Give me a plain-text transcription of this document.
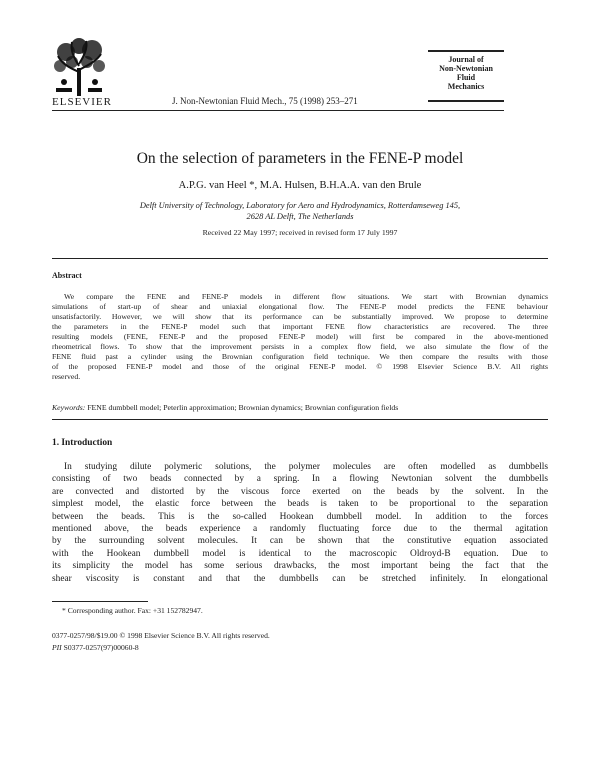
ELSEVIER	J. Non-Newtonian Fluid Mech., 75 (1998) 253–271
Journal of
Non-Newtonian
Fluid
Mechanics
On the selection of parameters in the FENE-P model
A.P.G. van Heel *, M.A. Hulsen, B.H.A.A. van den Brule
Delft University of Technology, Laboratory for Aero and Hydrodynamics, Rotterdamseweg 145,
2628 AL Delft, The Netherlands
Received 22 May 1997; received in revised form 17 July 1997
Abstract
We compare the FENE and FENE-P models in different flow situations. We start with Brownian dynamics
simulations of start-up of shear and uniaxial elongational flow. The FENE-P model predicts the FENE behaviour
unsatisfactorily. However, we will show that its performance can be substantially improved. We propose to determine
the parameters in the FENE-P model such that important FENE flow characteristics are recovered. The three
resulting models (FENE, FENE-P and the proposed FENE-P model) will first be compared in the above-mentioned
rheometrical flows. To show that the improvement persists in a complex flow field, we also simulate the flow of the
FENE fluid past a cylinder using the Brownian configuration field technique. We then compare the results with those
of the proposed FENE-P model and those of the original FENE-P model. © 1998 Elsevier Science B.V. All rights
reserved.
Keywords: FENE dumbbell model; Peterlin approximation; Brownian dynamics; Brownian configuration fields
1. Introduction
In studying dilute polymeric solutions, the polymer molecules are often modelled as dumbbells
consisting of two beads connected by a spring. In a flowing Newtonian solvent the dumbbells
are convected and distorted by the viscous force exerted on the beads by the solvent. In the
simplest model, the elastic force between the beads is taken to be proportional to the separation
between the beads. This is the so-called Hookean dumbbell model. In addition to the forces
mentioned above, the beads experience a randomly fluctuating force due to the thermal agitation
by the surrounding solvent molecules. It can be shown that the constitutive equation associated
with the Hookean dumbbell model is identical to the macroscopic Oldroyd-B equation. Due to
its simplicity the model has some serious drawbacks, the most important being the fact that the
shear viscosity is constant and that the dumbbells can be stretched infinitely. In elongational
* Corresponding author. Fax: +31 152782947.
0377-0257/98/$19.00 © 1998 Elsevier Science B.V. All rights reserved.
PII S0377-0257(97)00060-8
